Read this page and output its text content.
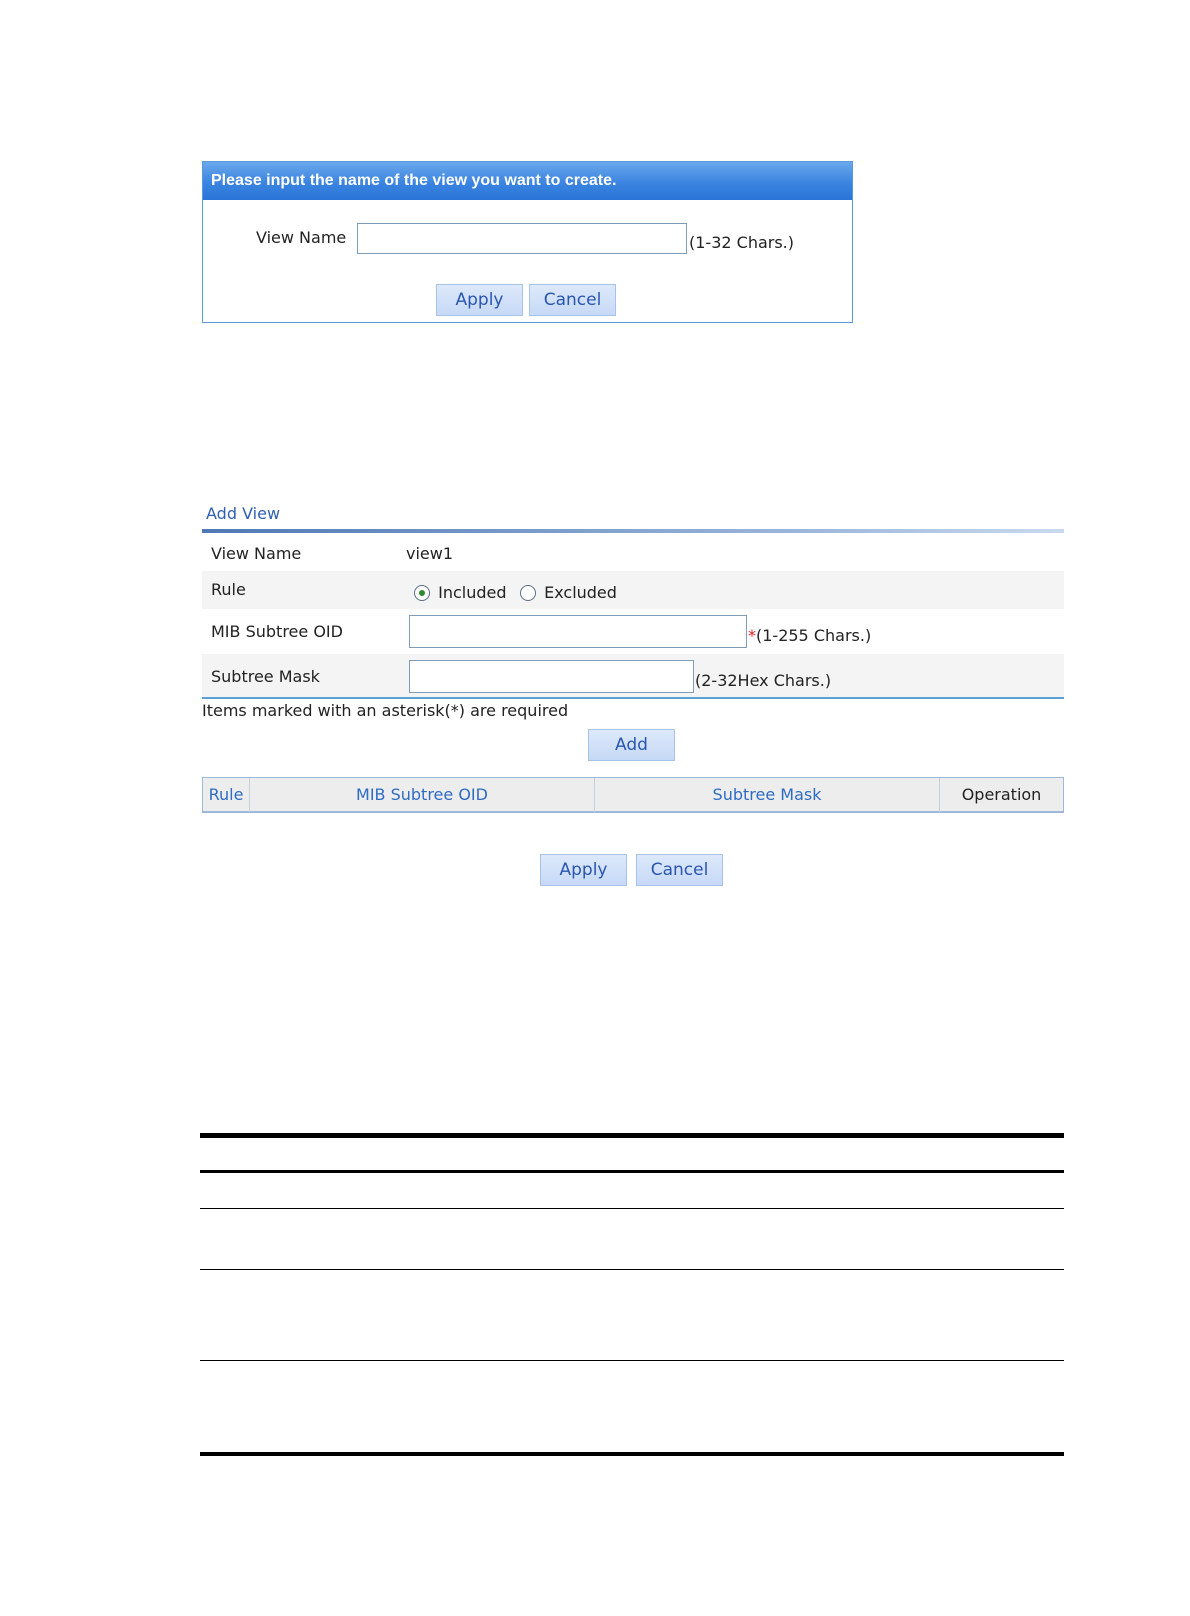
Please input the name of the view you want to create.
View Name	(1-32 Chars.)
Apply	Cancel
Add View
View Name	view1
Rule	Included	Excluded
MIB Subtree OID	*(1-255 Chars.)
Subtree Mask	(2-32Hex Chars.)
Items marked with an asterisk(*) are required
Add
Rule	MIB Subtree OID	Subtree Mask	Operation
Apply	Cancel
